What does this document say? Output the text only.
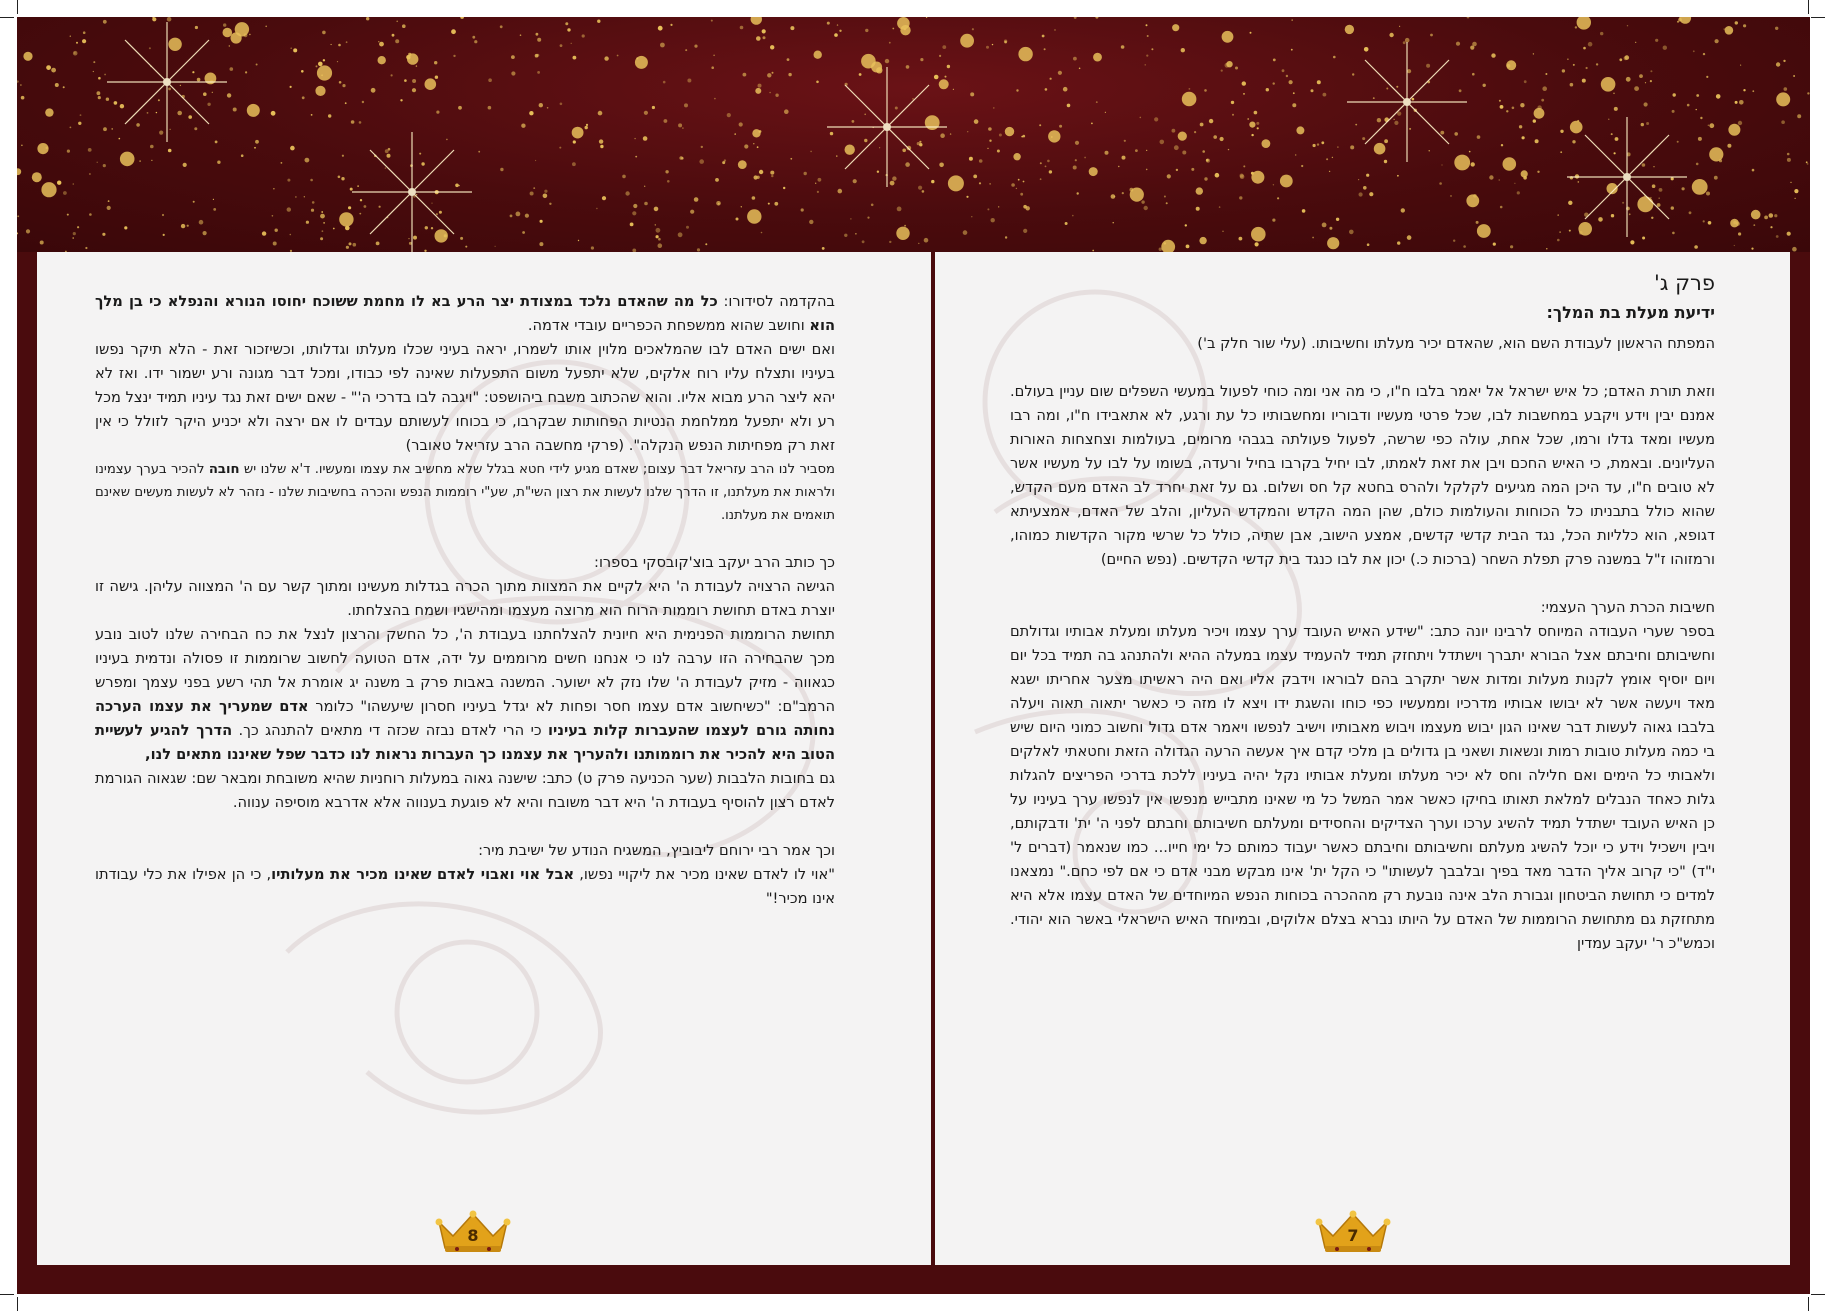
בהקדמה לסידורו: כל מה שהאדם נלכד במצודת יצר הרע בא לו מחמת ששוכח יחוסו הנורא והנפלא כי בן מלך הוא וחושב שהוא ממשפחת הכפריים עובדי אדמה.

ואם ישים האדם לבו שהמלאכים מלוין אותו לשמרו, יראה בעיני שכלו מעלתו וגדלותו, וכשיזכור זאת - הלא תיקר נפשו בעיניו ותצלח עליו רוח אלקים, שלא יתפעל משום התפעלות שאינה לפי כבודו, ומכל דבר מגונה ורע ישמור ידו. ואז לא יהא ליצר הרע מבוא אליו. והוא שהכתוב משבח ביהושפט: "ויגבה לבו בדרכי ה'" - שאם ישים זאת נגד עיניו תמיד ינצל מכל רע ולא יתפעל ממלחמת הנטיות הפחותות שבקרבו, כי בכוחו לעשותם עבדים לו אם ירצה ולא יכניע היקר לזולל כי אין זאת רק מפחיתות הנפש הנקלה". (פרקי מחשבה הרב עזריאל טאובר)

מסביר לנו הרב עזריאל דבר עצום; שאדם מגיע לידי חטא בגלל שלא מחשיב את עצמו ומעשיו. ד'א שלנו יש חובה להכיר בערך עצמינו ולראות את מעלתנו, זו הדרך שלנו לעשות את רצון השי"ת, שע"י רוממות הנפש והכרה בחשיבות שלנו - נזהר לא לעשות מעשים שאינם תואמים את מעלתנו.

כך כותב הרב יעקב בוצ'קובסקי בספרו:

הגישה הרצויה לעבודת ה' היא לקיים את המצוות מתוך הכרה בגדלות מעשינו ומתוך קשר עם ה' המצווה עליהן. גישה זו יוצרת באדם תחושת רוממות הרוח הוא מרוצה מעצמו ומהישגיו ושמח בהצלחתו.

תחושת הרוממות הפנימית היא חיונית להצלחתנו בעבודת ה', כל החשק והרצון לנצל את כח הבחירה שלנו לטוב נובע מכך שהבחירה הזו ערבה לנו כי אנחנו חשים מרוממים על ידה, אדם הטועה לחשוב שרוממות זו פסולה ונדמית בעיניו כגאווה - מזיק לעבודת ה' שלו נזק לא ישוער. המשנה באבות פרק ב משנה יג אומרת אל תהי רשע בפני עצמך ומפרש הרמב"ם: "כשיחשוב אדם עצמו חסר ופחות לא יגדל בעיניו חסרון שיעשהו" כלומר אדם שמעריך את עצמו הערכה נחותה גורם לעצמו שהעברות קלות בעיניו כי הרי לאדם נבזה שכזה די מתאים להתנהג כך. הדרך להגיע לעשיית הטוב היא להכיר את רוממותנו ולהעריך את עצמנו כך העברות נראות לנו כדבר שפל שאיננו מתאים לנו,

גם בחובות הלבבות (שער הכניעה פרק ט) כתב: שישנה גאוה במעלות רוחניות שהיא משובחת ומבאר שם: שגאוה הגורמת לאדם רצון להוסיף בעבודת ה' היא דבר משובח והיא לא פוגעת בענווה אלא אדרבא מוסיפה ענווה.

וכך אמר רבי ירוחם ליבוביץ, המשגיח הנודע של ישיבת מיר:

"אוי לו לאדם שאינו מכיר את ליקויי נפשו, אבל אוי ואבוי לאדם שאינו מכיר את מעלותיו, כי הן אפילו את כלי עבודתו אינו מכיר!"

פרק ג'
ידיעת מעלת בת המלך:

המפתח הראשון לעבודת השם הוא, שהאדם יכיר מעלתו וחשיבותו. (עלי שור חלק ב')

וזאת תורת האדם; כל איש ישראל אל יאמר בלבו ח"ו, כי מה אני ומה כוחי לפעול במעשי השפלים שום עניין בעולם. אמנם יבין וידע ויקבע במחשבות לבו, שכל פרטי מעשיו ודבוריו ומחשבותיו כל עת ורגע, לא אתאבידו ח"ו, ומה רבו מעשיו ומאד גדלו ורמו, שכל אחת, עולה כפי שרשה, לפעול פעולתה בגבהי מרומים, בעולמות וצחצחות האורות העליונים. ובאמת, כי האיש החכם ויבן את זאת לאמתו, לבו יחיל בקרבו בחיל ורעדה, בשומו על לבו על מעשיו אשר לא טובים ח"ו, עד היכן המה מגיעים לקלקל ולהרס בחטא קל חס ושלום. גם על זאת יחרד לב האדם מעם הקדש, שהוא כולל בתבניתו כל הכוחות והעולמות כולם, שהן המה הקדש והמקדש העליון, והלב של האדם, אמצעיתא דגופא, הוא כלליות הכל, נגד הבית קדשי קדשים, אמצע הישוב, אבן שתיה, כולל כל שרשי מקור הקדשות כמוהו, ורמזוהו ז"ל במשנה פרק תפלת השחר (ברכות כ.) יכון את לבו כנגד בית קדשי הקדשים. (נפש החיים)

חשיבות הכרת הערך העצמי:

בספר שערי העבודה המיוחס לרבינו יונה כתב: "שידע האיש העובד ערך עצמו ויכיר מעלתו ומעלת אבותיו וגדולתם וחשיבותם וחיבתם אצל הבורא יתברך וישתדל ויתחזק תמיד להעמיד עצמו במעלה ההיא ולהתנהג בה תמיד בכל יום ויום יוסיף אומץ לקנות מעלות ומדות אשר יתקרב בהם לבוראו וידבק אליו ואם היה ראשיתו מצער אחריתו ישגא מאד ויעשה אשר לא יבושו אבותיו מדרכיו וממעשיו כפי כוחו והשגת ידו ויצא לו מזה כי כאשר יתאוה תאוה ויעלה בלבבו גאוה לעשות דבר שאינו הגון יבוש מעצמו ויבוש מאבותיו וישיב לנפשו ויאמר אדם גדול וחשוב כמוני היום שיש בי כמה מעלות טובות רמות ונשאות ושאני בן גדולים בן מלכי קדם איך אעשה הרעה הגדולה הזאת וחטאתי לאלקים ולאבותי כל הימים ואם חלילה וחס לא יכיר מעלתו ומעלת אבותיו נקל יהיה בעיניו ללכת בדרכי הפריצים להגלות גלות כאחד הנבלים למלאת תאותו בחיקו כאשר אמר המשל כל מי שאינו מתבייש מנפשו אין לנפשו ערך בעיניו על כן האיש העובד ישתדל תמיד להשיג ערכו וערך הצדיקים והחסידים ומעלתם חשיבותם וחבתם לפני ה' ית' ודבקותם, ויבין וישכיל וידע כי יוכל להשיג מעלתם וחשיבותם וחיבתם כאשר יעבוד כמותם כל ימי חייו... כמו שנאמר (דברים ל' י"ד) "כי קרוב אליך הדבר מאד בפיך ובלבבך לעשותו" כי הקל ית' אינו מבקש מבני אדם כי אם לפי כחם." נמצאנו למדים כי תחושת הביטחון וגבורת הלב אינה נובעת רק מההכרה בכוחות הנפש המיוחדים של האדם עצמו אלא היא מתחזקת גם מתחושת הרוממות של האדם על היותו נברא בצלם אלוקים, ובמיוחד האיש הישראלי באשר הוא יהודי. וכמש"כ ר' יעקב עמדין

8	7
